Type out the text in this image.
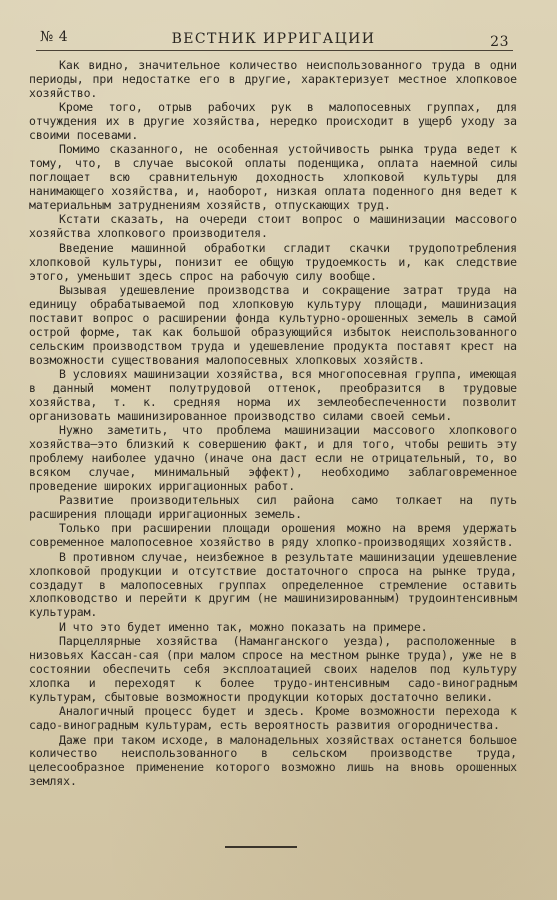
№ 4	ВЕСТНИК ИРРИГАЦИИ	23

Как видно, значительное количество неиспользованного труда в одни периоды, при недостатке его в другие, характеризует местное хлопковое хозяйство.

Кроме того, отрыв рабочих рук в малопосевных группах, для отчуждения их в другие хозяйства, нередко происходит в ущерб уходу за своими посевами.

Помимо сказанного, не особенная устойчивость рынка труда ведет к тому, что, в случае высокой оплаты поденщика, оплата наемной силы поглощает всю сравнительную доходность хлопковой культуры для нанимающего хозяйства, и, наоборот, низкая оплата поденного дня ведет к материальным затруднениям хозяйств, отпускающих труд.

Кстати сказать, на очереди стоит вопрос о машинизации массового хозяйства хлопкового производителя.

Введение машинной обработки сгладит скачки трудопотребления хлопковой культуры, понизит ее общую трудоемкость и, как следствие этого, уменьшит здесь спрос на рабочую силу вообще.

Вызывая удешевление производства и сокращение затрат труда на единицу обрабатываемой под хлопковую культуру площади, машинизация поставит вопрос о расширении фонда культурно-орошенных земель в самой острой форме, так как большой образующийся избыток неиспользованного сельским производством труда и удешевление продукта поставят крест на возможности существования малопосевных хлопковых хозяйств.

В условиях машинизации хозяйства, вся многопосевная группа, имеющая в данный момент полутрудовой оттенок, преобразится в трудовые хозяйства, т. к. средняя норма их землеобеспеченности позволит организовать машинизированное производство силами своей семьи.

Нужно заметить, что проблема машинизации массового хлопкового хозяйства—это близкий к совершению факт, и для того, чтобы решить эту проблему наиболее удачно (иначе она даст если не отрицательный, то, во всяком случае, минимальный эффект), необходимо заблаговременное проведение широких ирригационных работ.

Развитие производительных сил района само толкает на путь расширения площади ирригационных земель.

Только при расширении площади орошения можно на время удержать современное малопосевное хозяйство в ряду хлопко-производящих хозяйств.

В противном случае, неизбежное в результате машинизации удешевление хлопковой продукции и отсутствие достаточного спроса на рынке труда, создадут в малопосевных группах определенное стремление оставить хлопководство и перейти к другим (не машинизированным) трудоинтенсивным культурам.

И что это будет именно так, можно показать на примере.

Парцеллярные хозяйства (Наманганского уезда), расположенные в низовьях Кассан-сая (при малом спросе на местном рынке труда), уже не в состоянии обеспечить себя эксплоатацией своих наделов под культуру хлопка и переходят к более трудо-интенсивным садо-виноградным культурам, сбытовые возможности продукции которых достаточно велики.

Аналогичный процесс будет и здесь. Кроме возможности перехода к садо-виноградным культурам, есть вероятность развития огородничества.

Даже при таком исходе, в малонадельных хозяйствах останется большое количество неиспользованного в сельском производстве труда, целесообразное применение которого возможно лишь на вновь орошенных землях.
